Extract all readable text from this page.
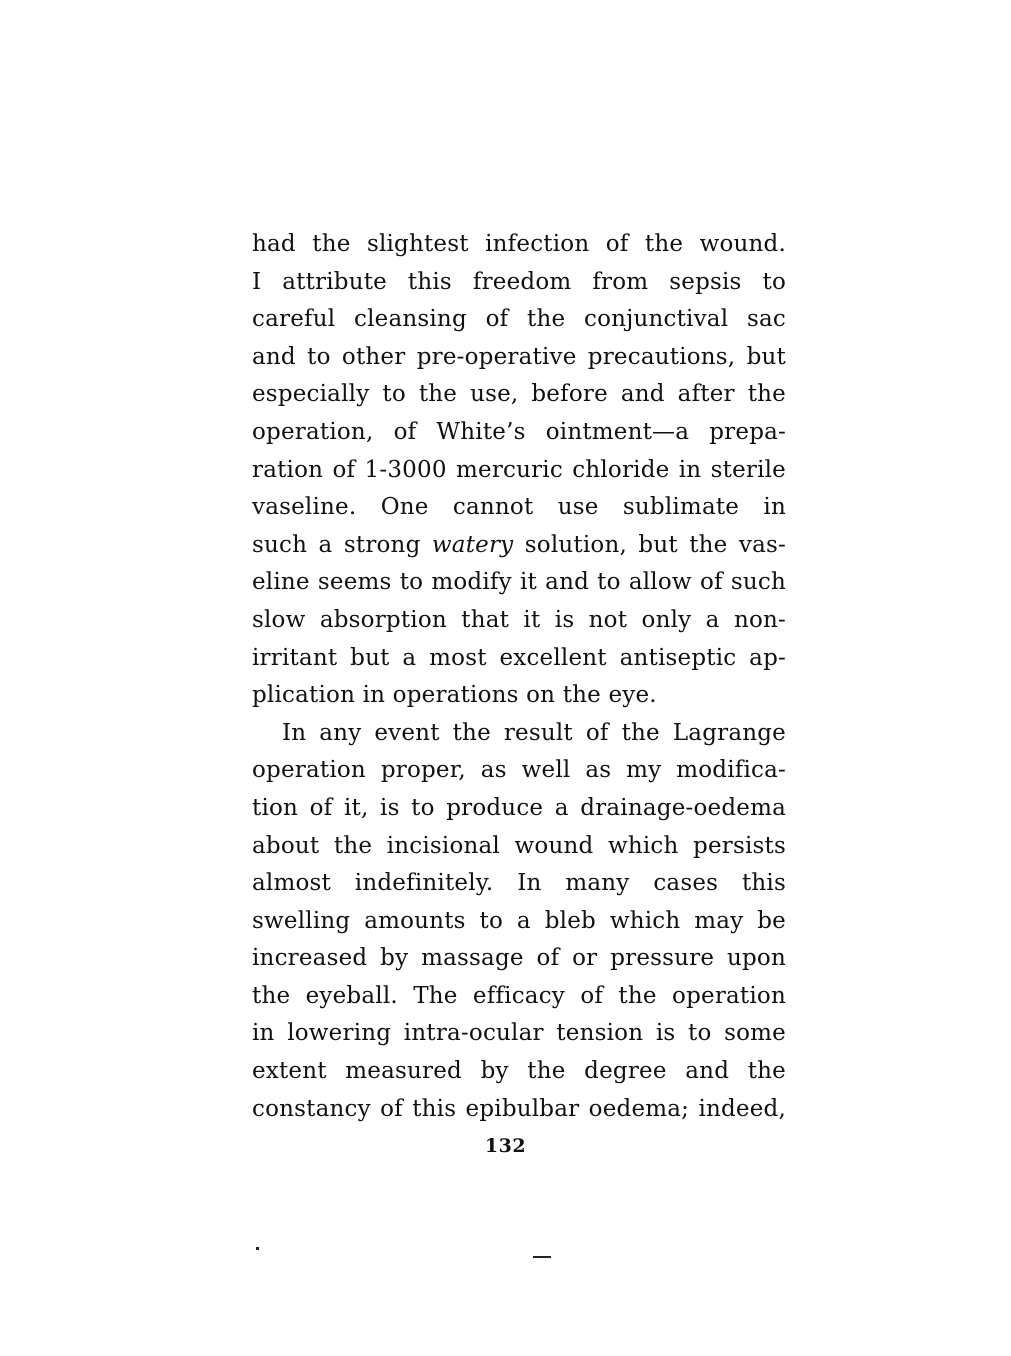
had the slightest infection of the wound.
I attribute this freedom from sepsis to
careful cleansing of the conjunctival sac
and to other pre-operative precautions, but
especially to the use, before and after the
operation, of White’s ointment—a prepa-
ration of 1-3000 mercuric chloride in sterile
vaseline. One cannot use sublimate in
such a strong watery solution, but the vas-
eline seems to modify it and to allow of such
slow absorption that it is not only a non-
irritant but a most excellent antiseptic ap-
plication in operations on the eye.
In any event the result of the Lagrange
operation proper, as well as my modifica-
tion of it, is to produce a drainage-oedema
about the incisional wound which persists
almost indefinitely. In many cases this
swelling amounts to a bleb which may be
increased by massage of or pressure upon
the eyeball. The efficacy of the operation
in lowering intra-ocular tension is to some
extent measured by the degree and the
constancy of this epibulbar oedema; indeed,
132
